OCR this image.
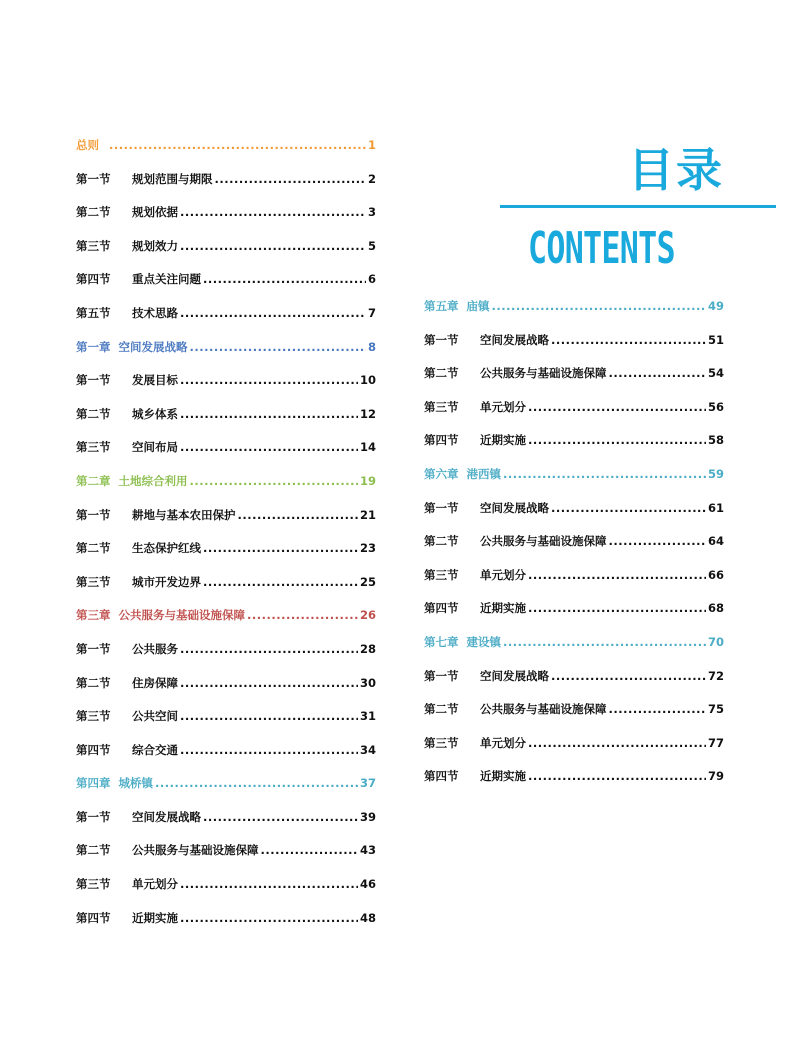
目录
CONTENTS
总则 .....	1
第一节	规划范围与期限 .....	2
第二节	规划依据 .....	3
第三节	规划效力 .....	5
第四节	重点关注问题 .....	6
第五节	技术思路 .....	7
第一章 空间发展战略 .....	8
第一节	发展目标 .....	10
第二节	城乡体系 .....	12
第三节	空间布局 .....	14
第二章 土地综合利用 .....	19
第一节	耕地与基本农田保护 .....	21
第二节	生态保护红线 .....	23
第三节	城市开发边界 .....	25
第三章 公共服务与基础设施保障 .....	26
第一节	公共服务 .....	28
第二节	住房保障 .....	30
第三节	公共空间 .....	31
第四节	综合交通 .....	34
第四章 城桥镇 .....	37
第一节	空间发展战略 .....	39
第二节	公共服务与基础设施保障 .....	43
第三节	单元划分 .....	46
第四节	近期实施 .....	48
第五章 庙镇 .....	49
第一节	空间发展战略 .....	51
第二节	公共服务与基础设施保障 .....	54
第三节	单元划分 .....	56
第四节	近期实施 .....	58
第六章 港西镇 .....	59
第一节	空间发展战略 .....	61
第二节	公共服务与基础设施保障 .....	64
第三节	单元划分 .....	66
第四节	近期实施 .....	68
第七章 建设镇 .....	70
第一节	空间发展战略 .....	72
第二节	公共服务与基础设施保障 .....	75
第三节	单元划分 .....	77
第四节	近期实施 .....	79
